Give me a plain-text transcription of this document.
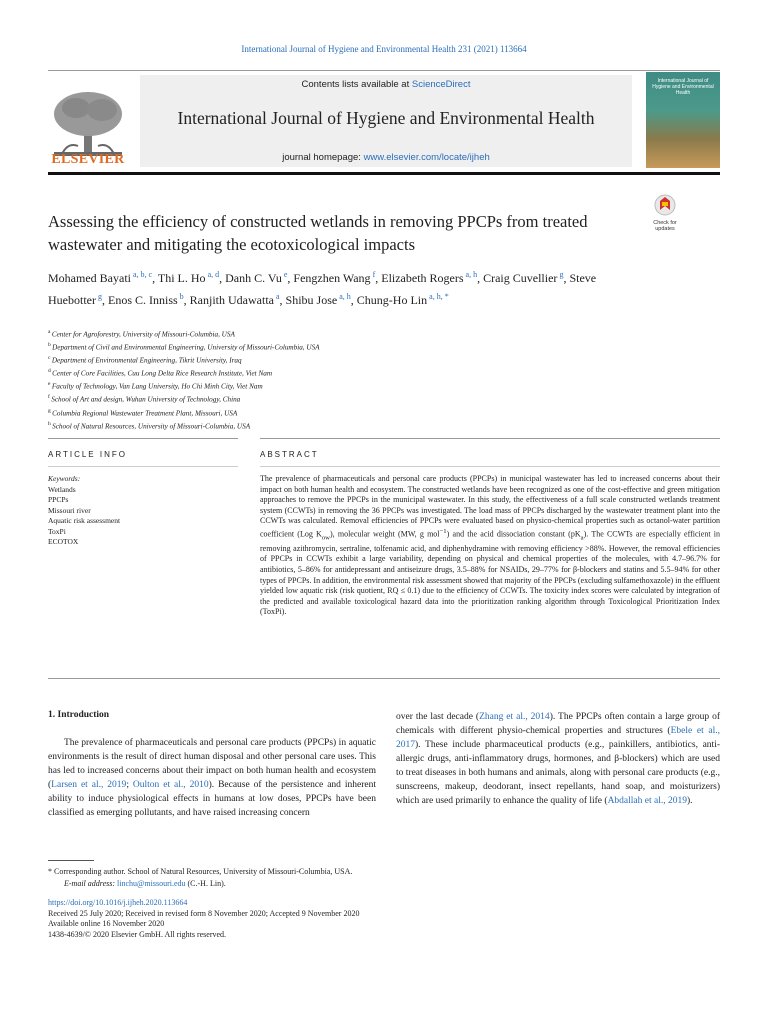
International Journal of Hygiene and Environmental Health 231 (2021) 113664
ELSEVIER
Contents lists available at ScienceDirect
International Journal of Hygiene and Environmental Health
journal homepage: www.elsevier.com/locate/ijheh
International Journal of Hygiene and Environmental Health
Assessing the efficiency of constructed wetlands in removing PPCPs from treated wastewater and mitigating the ecotoxicological impacts
Check for
updates
Mohamed Bayati $^{a, b, c}$, Thi L. Ho $^{a, d}$, Danh C. Vu $^e$, Fengzhen Wang $^f$, Elizabeth Rogers $^{a, h}$, Craig Cuvellier $^g$, Steve Huebotter $^g$, Enos C. Inniss $^b$, Ranjith Udawatta $^a$, Shibu Jose $^{a, h}$, Chung-Ho Lin $^{a, h, *}$
$^a$ Center for Agroforestry, University of Missouri-Columbia, USA
$^b$ Department of Civil and Environmental Engineering, University of Missouri-Columbia, USA
$^c$ Department of Environmental Engineering, Tikrit University, Iraq
$^d$ Center of Core Facilities, Cuu Long Delta Rice Research Institute, Viet Nam
$^e$ Faculty of Technology, Van Lang University, Ho Chi Minh City, Viet Nam
$^f$ School of Art and design, Wuhan University of Technology, China
$^g$ Columbia Regional Wastewater Treatment Plant, Missouri, USA
$^h$ School of Natural Resources, University of Missouri-Columbia, USA
ARTICLE INFO	ABSTRACT
Keywords:
Wetlands
PPCPs
Missouri river
Aquatic risk assessment
ToxPi
ECOTOX
The prevalence of pharmaceuticals and personal care products (PPCPs) in municipal wastewater has led to increased concerns about their impact on both human health and ecosystem. The constructed wetlands have been recognized as one of the cost-effective and green mitigation approaches to remove the PPCPs in the municipal wastewater. In this study, the effectiveness of a full scale constructed wetlands treatment system (CCWTs) in removing the 36 PPCPs was investigated. The load mass of PPCPs discharged by the wastewater treatment plant into the CCWTs was calculated. Removal efficiencies of PPCPs were evaluated based on physico-chemical properties such as octanol-water partition coefficient (Log $K_{ow}$), molecular weight (MW, g mol$^{-1}$) and the acid dissociation constant $(pK_a)$. The CCWTs are especially efficient in removing azithromycin, sertraline, tolfenamic acid, and diphenhydramine with removing efficiency >88%. However, the removal efficiencies of PPCPs in CCWTs exhibit a large variability, depending on physical and chemical properties of the molecules, with 4.7–96.7% for antibiotics, 5–86% for antidepressant and antiseizure drugs, 3.5–88% for NSAIDs, 29–77% for β-blockers and statins and 5.5–94% for other types of PPCPs. In addition, the environmental risk assessment showed that majority of the PPCPs (excluding sulfamethoxazole) in the effluent yielded low aquatic risk (risk quotient, RQ ≤ 0.1) due to the efficiency of CCWTs. The toxicity index scores were calculated by integration of the predicted and available toxicological hazard data into the prioritization ranking algorithm through Toxicological Prioritization Index (ToxPi).
1. Introduction
The prevalence of pharmaceuticals and personal care products (PPCPs) in aquatic environments is the result of direct human disposal and other personal care uses. This has led to increased concerns about their impact on both human health and ecosystem (Larsen et al., 2019; Oulton et al., 2010). Because of the persistence and inherent ability to induce physiological effects in humans at low doses, PPCPs have been classified as emerging pollutants, and have raised increasing concern
over the last decade (Zhang et al., 2014). The PPCPs often contain a large group of chemicals with different physio-chemical properties and structures (Ebele et al., 2017). These include pharmaceutical products (e.g., painkillers, antibiotics, anti-allergic drugs, anti-inflammatory drugs, hormones, and β-blockers) which are used to treat diseases in both humans and animals, along with personal care products (e.g., sunscreens, makeup, deodorant, insect repellants, hand soap, and moisturizers) which are used primarily to enhance the quality of life (Abdallah et al., 2019).
* Corresponding author. School of Natural Resources, University of Missouri-Columbia, USA.
E-mail address: linchu@missouri.edu (C.-H. Lin).
https://doi.org/10.1016/j.ijheh.2020.113664
Received 25 July 2020; Received in revised form 8 November 2020; Accepted 9 November 2020
Available online 16 November 2020
1438-4639/© 2020 Elsevier GmbH. All rights reserved.
